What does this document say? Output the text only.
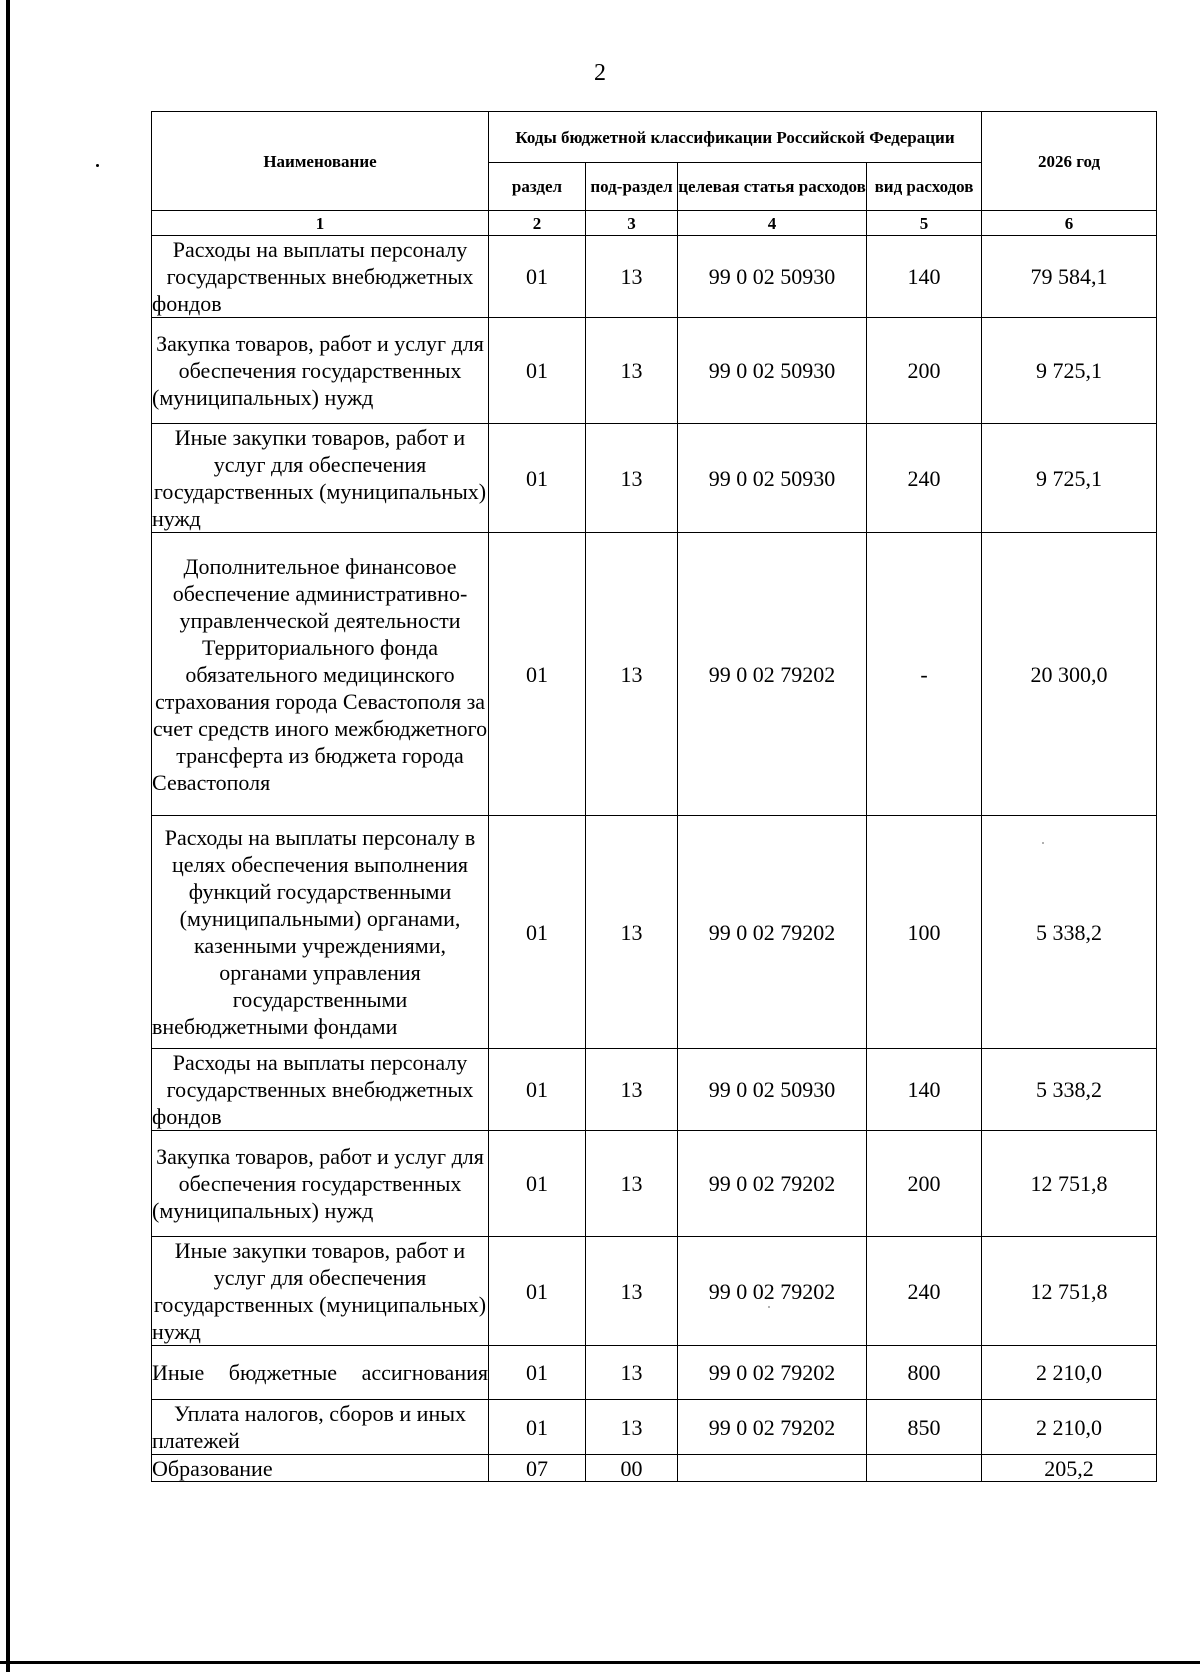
2
Наименование	Коды бюджетной классификации Российской Федерации				2026 год
	раздел	под-раздел	целевая статья расходов	вид расходов	
1	2	3	4	5	6
Расходы на выплаты персоналу государственных внебюджетных фондов	01	13	99 0 02 50930	140	79 584,1
Закупка товаров, работ и услуг для обеспечения государственных (муниципальных) нужд	01	13	99 0 02 50930	200	9 725,1
Иные закупки товаров, работ и услуг для обеспечения государственных (муниципальных) нужд	01	13	99 0 02 50930	240	9 725,1
Дополнительное финансовое обеспечение административно-управленческой деятельности Территориального фонда обязательного медицинского страхования города Севастополя за счет средств иного межбюджетного трансферта из бюджета города Севастополя	01	13	99 0 02 79202	-	20 300,0
Расходы на выплаты персоналу в целях обеспечения выполнения функций государственными (муниципальными) органами, казенными учреждениями, органами управления государственными внебюджетными фондами	01	13	99 0 02 79202	100	5 338,2
Расходы на выплаты персоналу государственных внебюджетных фондов	01	13	99 0 02 50930	140	5 338,2
Закупка товаров, работ и услуг для обеспечения государственных (муниципальных) нужд	01	13	99 0 02 79202	200	12 751,8
Иные закупки товаров, работ и услуг для обеспечения государственных (муниципальных) нужд	01	13	99 0 02 79202	240	12 751,8
Иные бюджетные ассигнования	01	13	99 0 02 79202	800	2 210,0
Уплата налогов, сборов и иных платежей	01	13	99 0 02 79202	850	2 210,0
Образование	07	00			205,2
